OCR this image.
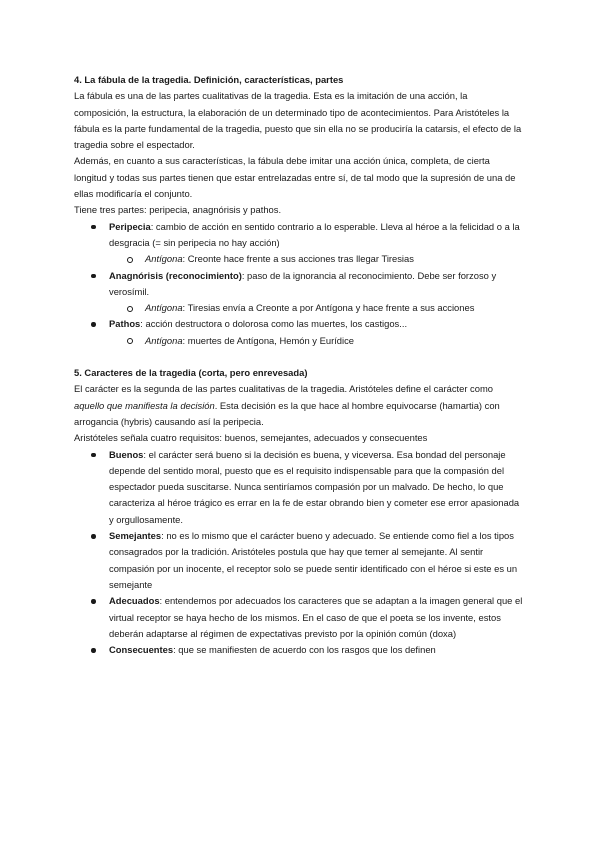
4. La fábula de la tragedia. Definición, características, partes

La fábula es una de las partes cualitativas de la tragedia. Esta es la imitación de una acción, la composición, la estructura, la elaboración de un determinado tipo de acontecimientos. Para Aristóteles la fábula es la parte fundamental de la tragedia, puesto que sin ella no se produciría la catarsis, el efecto de la tragedia sobre el espectador.

Además, en cuanto a sus características, la fábula debe imitar una acción única, completa, de cierta longitud y todas sus partes tienen que estar entrelazadas entre sí, de tal modo que la supresión de una de ellas modificaría el conjunto.

Tiene tres partes: peripecia, anagnórisis y pathos.

Peripecia: cambio de acción en sentido contrario a lo esperable. Lleva al héroe a la felicidad o a la desgracia (= sin peripecia no hay acción)
Antígona: Creonte hace frente a sus acciones tras llegar Tiresias
Anagnórisis (reconocimiento): paso de la ignorancia al reconocimiento. Debe ser forzoso y verosímil.
Antígona: Tiresias envía a Creonte a por Antígona y hace frente a sus acciones
Pathos: acción destructora o dolorosa como las muertes, los castigos...
Antígona: muertes de Antígona, Hemón y Eurídice

5. Caracteres de la tragedia (corta, pero enrevesada)

El carácter es la segunda de las partes cualitativas de la tragedia. Aristóteles define el carácter como aquello que manifiesta la decisión. Esta decisión es la que hace al hombre equivocarse (hamartia) con arrogancia (hybris) causando así la peripecia.

Aristóteles señala cuatro requisitos: buenos, semejantes, adecuados y consecuentes

Buenos: el carácter será bueno si la decisión es buena, y viceversa. Esa bondad del personaje depende del sentido moral, puesto que es el requisito indispensable para que la compasión del espectador pueda suscitarse. Nunca sentiríamos compasión por un malvado. De hecho, lo que caracteriza al héroe trágico es errar en la fe de estar obrando bien y cometer ese error apasionada y orgullosamente.
Semejantes: no es lo mismo que el carácter bueno y adecuado. Se entiende como fiel a los tipos consagrados por la tradición. Aristóteles postula que hay que temer al semejante. Al sentir compasión por un inocente, el receptor solo se puede sentir identificado con el héroe si este es un semejante
Adecuados: entendemos por adecuados los caracteres que se adaptan a la imagen general que el virtual receptor se haya hecho de los mismos. En el caso de que el poeta se los invente, estos deberán adaptarse al régimen de expectativas previsto por la opinión común (doxa)
Consecuentes: que se manifiesten de acuerdo con los rasgos que los definen
